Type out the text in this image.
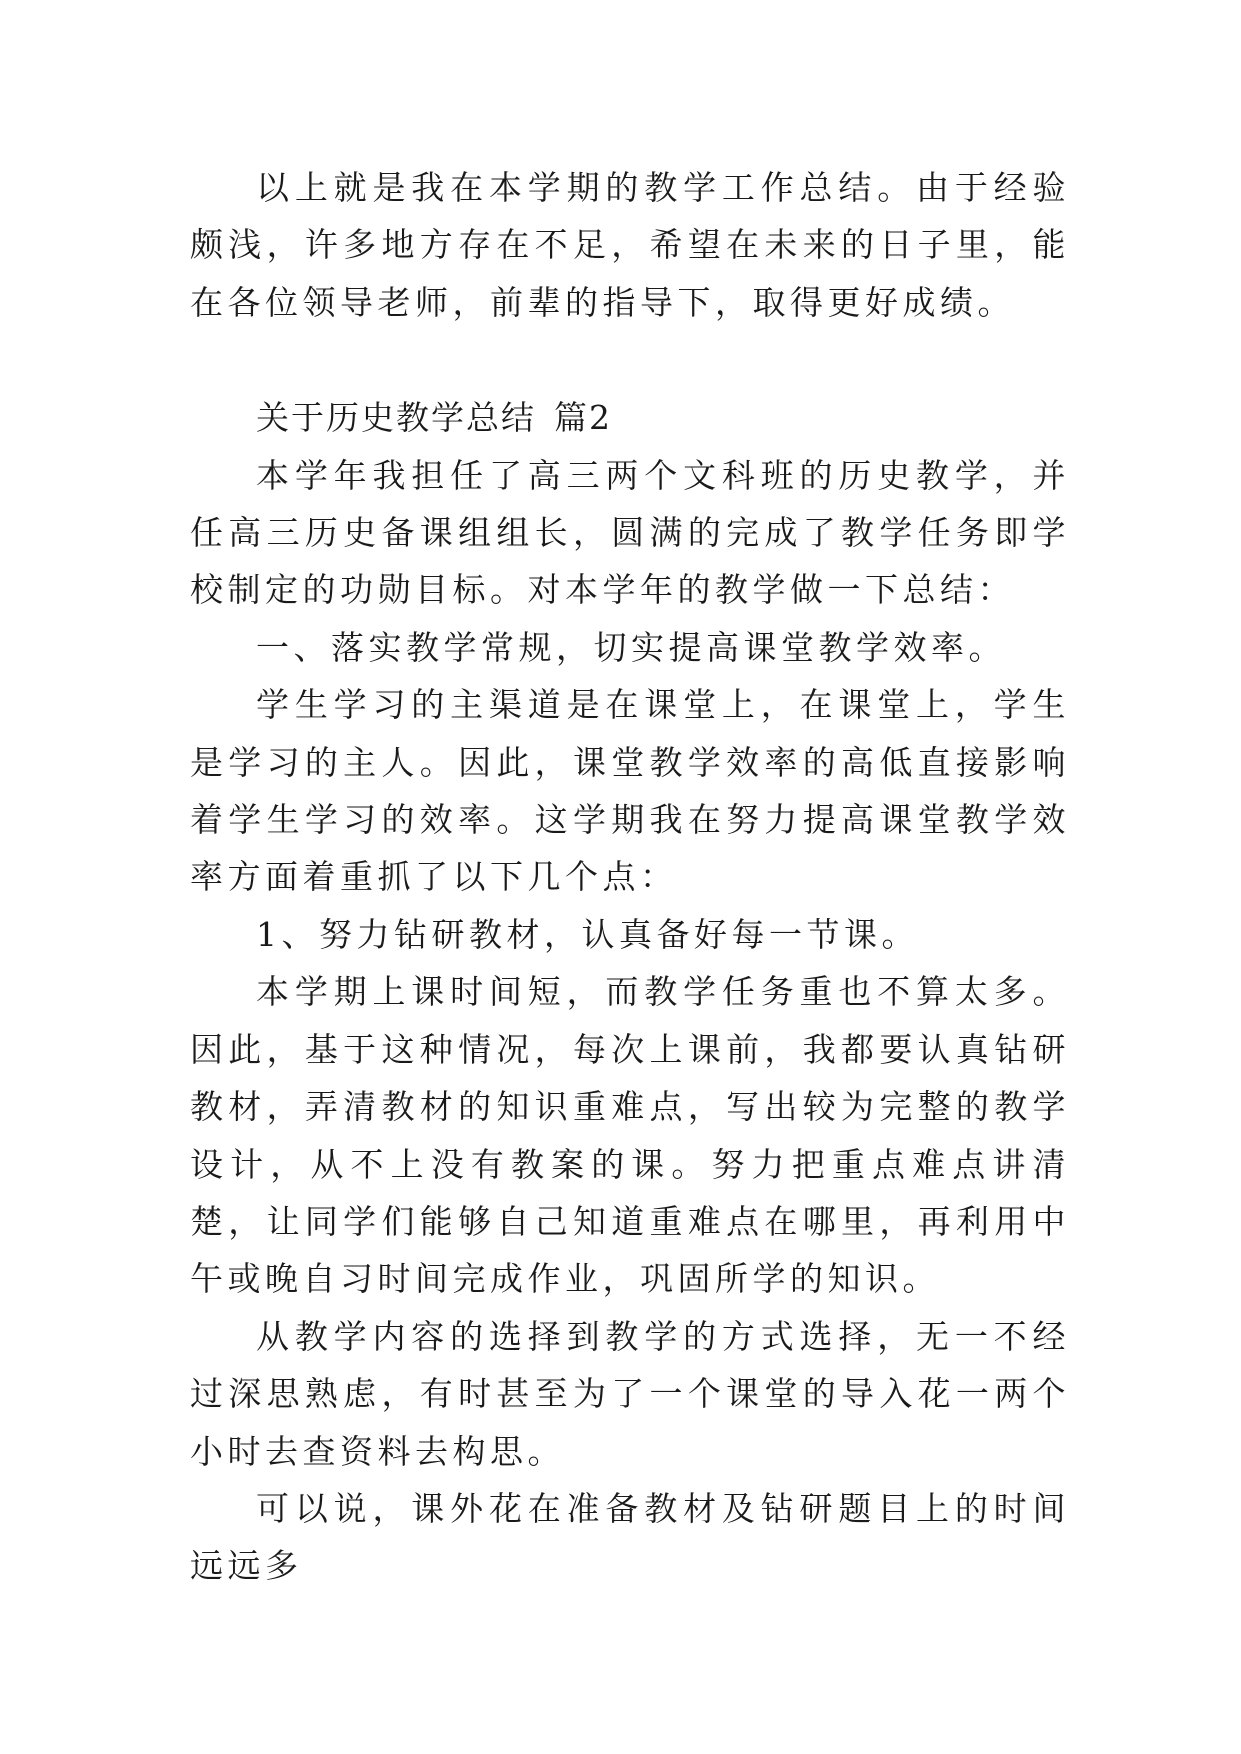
以上就是我在本学期的教学工作总结。由于经验颇浅，许多地方存在不足，希望在未来的日子里，能在各位领导老师，前辈的指导下，取得更好成绩。

关于历史教学总结 篇2

本学年我担任了高三两个文科班的历史教学，并任高三历史备课组组长，圆满的完成了教学任务即学校制定的功勋目标。对本学年的教学做一下总结：

一、落实教学常规，切实提高课堂教学效率。

学生学习的主渠道是在课堂上，在课堂上，学生是学习的主人。因此，课堂教学效率的高低直接影响着学生学习的效率。这学期我在努力提高课堂教学效率方面着重抓了以下几个点：

1、努力钻研教材，认真备好每一节课。

本学期上课时间短，而教学任务重也不算太多。因此，基于这种情况，每次上课前，我都要认真钻研教材，弄清教材的知识重难点，写出较为完整的教学设计，从不上没有教案的课。努力把重点难点讲清楚，让同学们能够自己知道重难点在哪里，再利用中午或晚自习时间完成作业，巩固所学的知识。

从教学内容的选择到教学的方式选择，无一不经过深思熟虑，有时甚至为了一个课堂的导入花一两个小时去查资料去构思。

可以说，课外花在准备教材及钻研题目上的时间远远多
